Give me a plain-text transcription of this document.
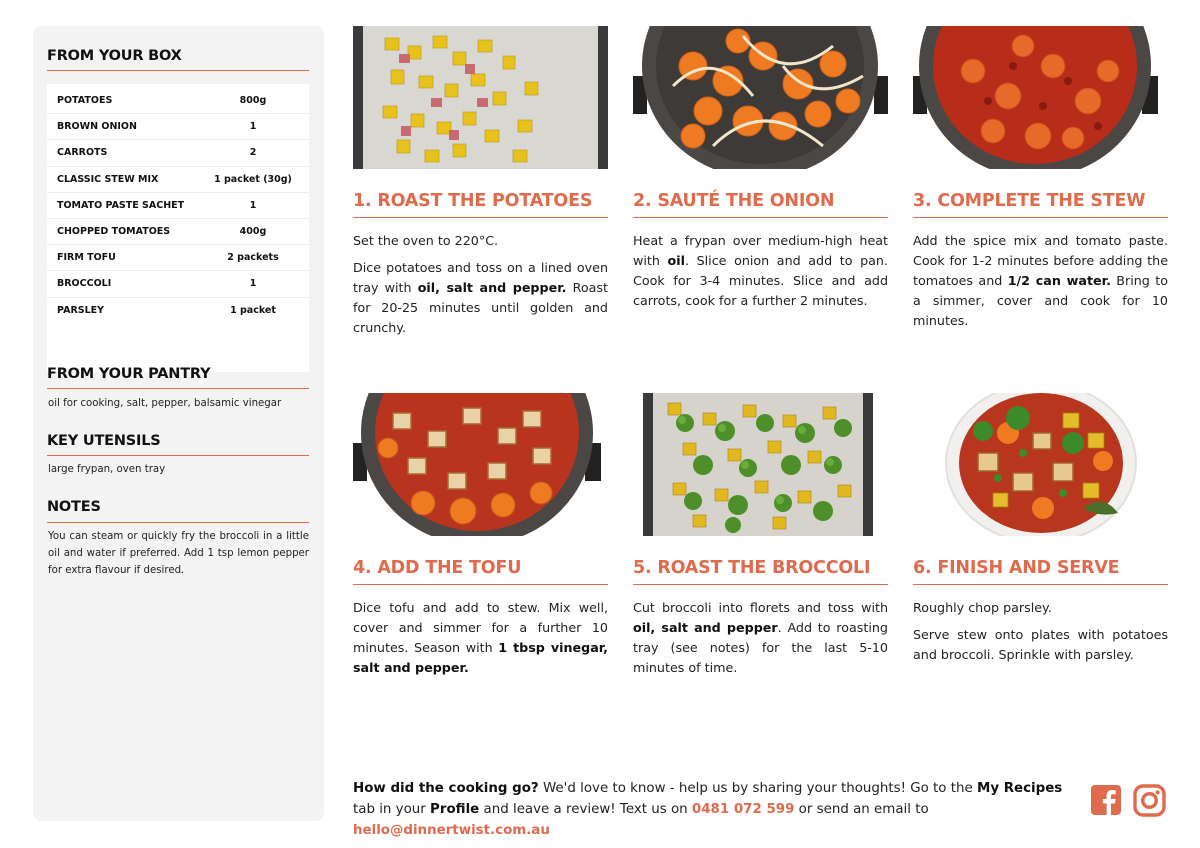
FROM YOUR BOX
POTATOES	800g
BROWN ONION	1
CARROTS	2
CLASSIC STEW MIX	1 packet (30g)
TOMATO PASTE SACHET	1
CHOPPED TOMATOES	400g
FIRM TOFU	2 packets
BROCCOLI	1
PARSLEY	1 packet
FROM YOUR PANTRY
oil for cooking, salt, pepper, balsamic vinegar
KEY UTENSILS
large frypan, oven tray
NOTES
You can steam or quickly fry the broccoli in a little oil and water if preferred. Add 1 tsp lemon pepper for extra flavour if desired.
1. ROAST THE POTATOES

Set the oven to 220°C.

Dice potatoes and toss on a lined oven tray with oil, salt and pepper. Roast for 20-25 minutes until golden and crunchy.

2. SAUTÉ THE ONION

Heat a frypan over medium-high heat with oil. Slice onion and add to pan. Cook for 3-4 minutes. Slice and add carrots, cook for a further 2 minutes.

3. COMPLETE THE STEW

Add the spice mix and tomato paste. Cook for 1-2 minutes before adding the tomatoes and 1/2 can water. Bring to a simmer, cover and cook for 10 minutes.

4. ADD THE TOFU

Dice tofu and add to stew. Mix well, cover and simmer for a further 10 minutes. Season with 1 tbsp vinegar, salt and pepper.

5. ROAST THE BROCCOLI

Cut broccoli into florets and toss with oil, salt and pepper. Add to roasting tray (see notes) for the last 5-10 minutes of time.

6. FINISH AND SERVE

Roughly chop parsley.

Serve stew onto plates with potatoes and broccoli. Sprinkle with parsley.

How did the cooking go? We'd love to know - help us by sharing your thoughts! Go to the My Recipes tab in your Profile and leave a review! Text us on 0481 072 599 or send an email to hello@dinnertwist.com.au
